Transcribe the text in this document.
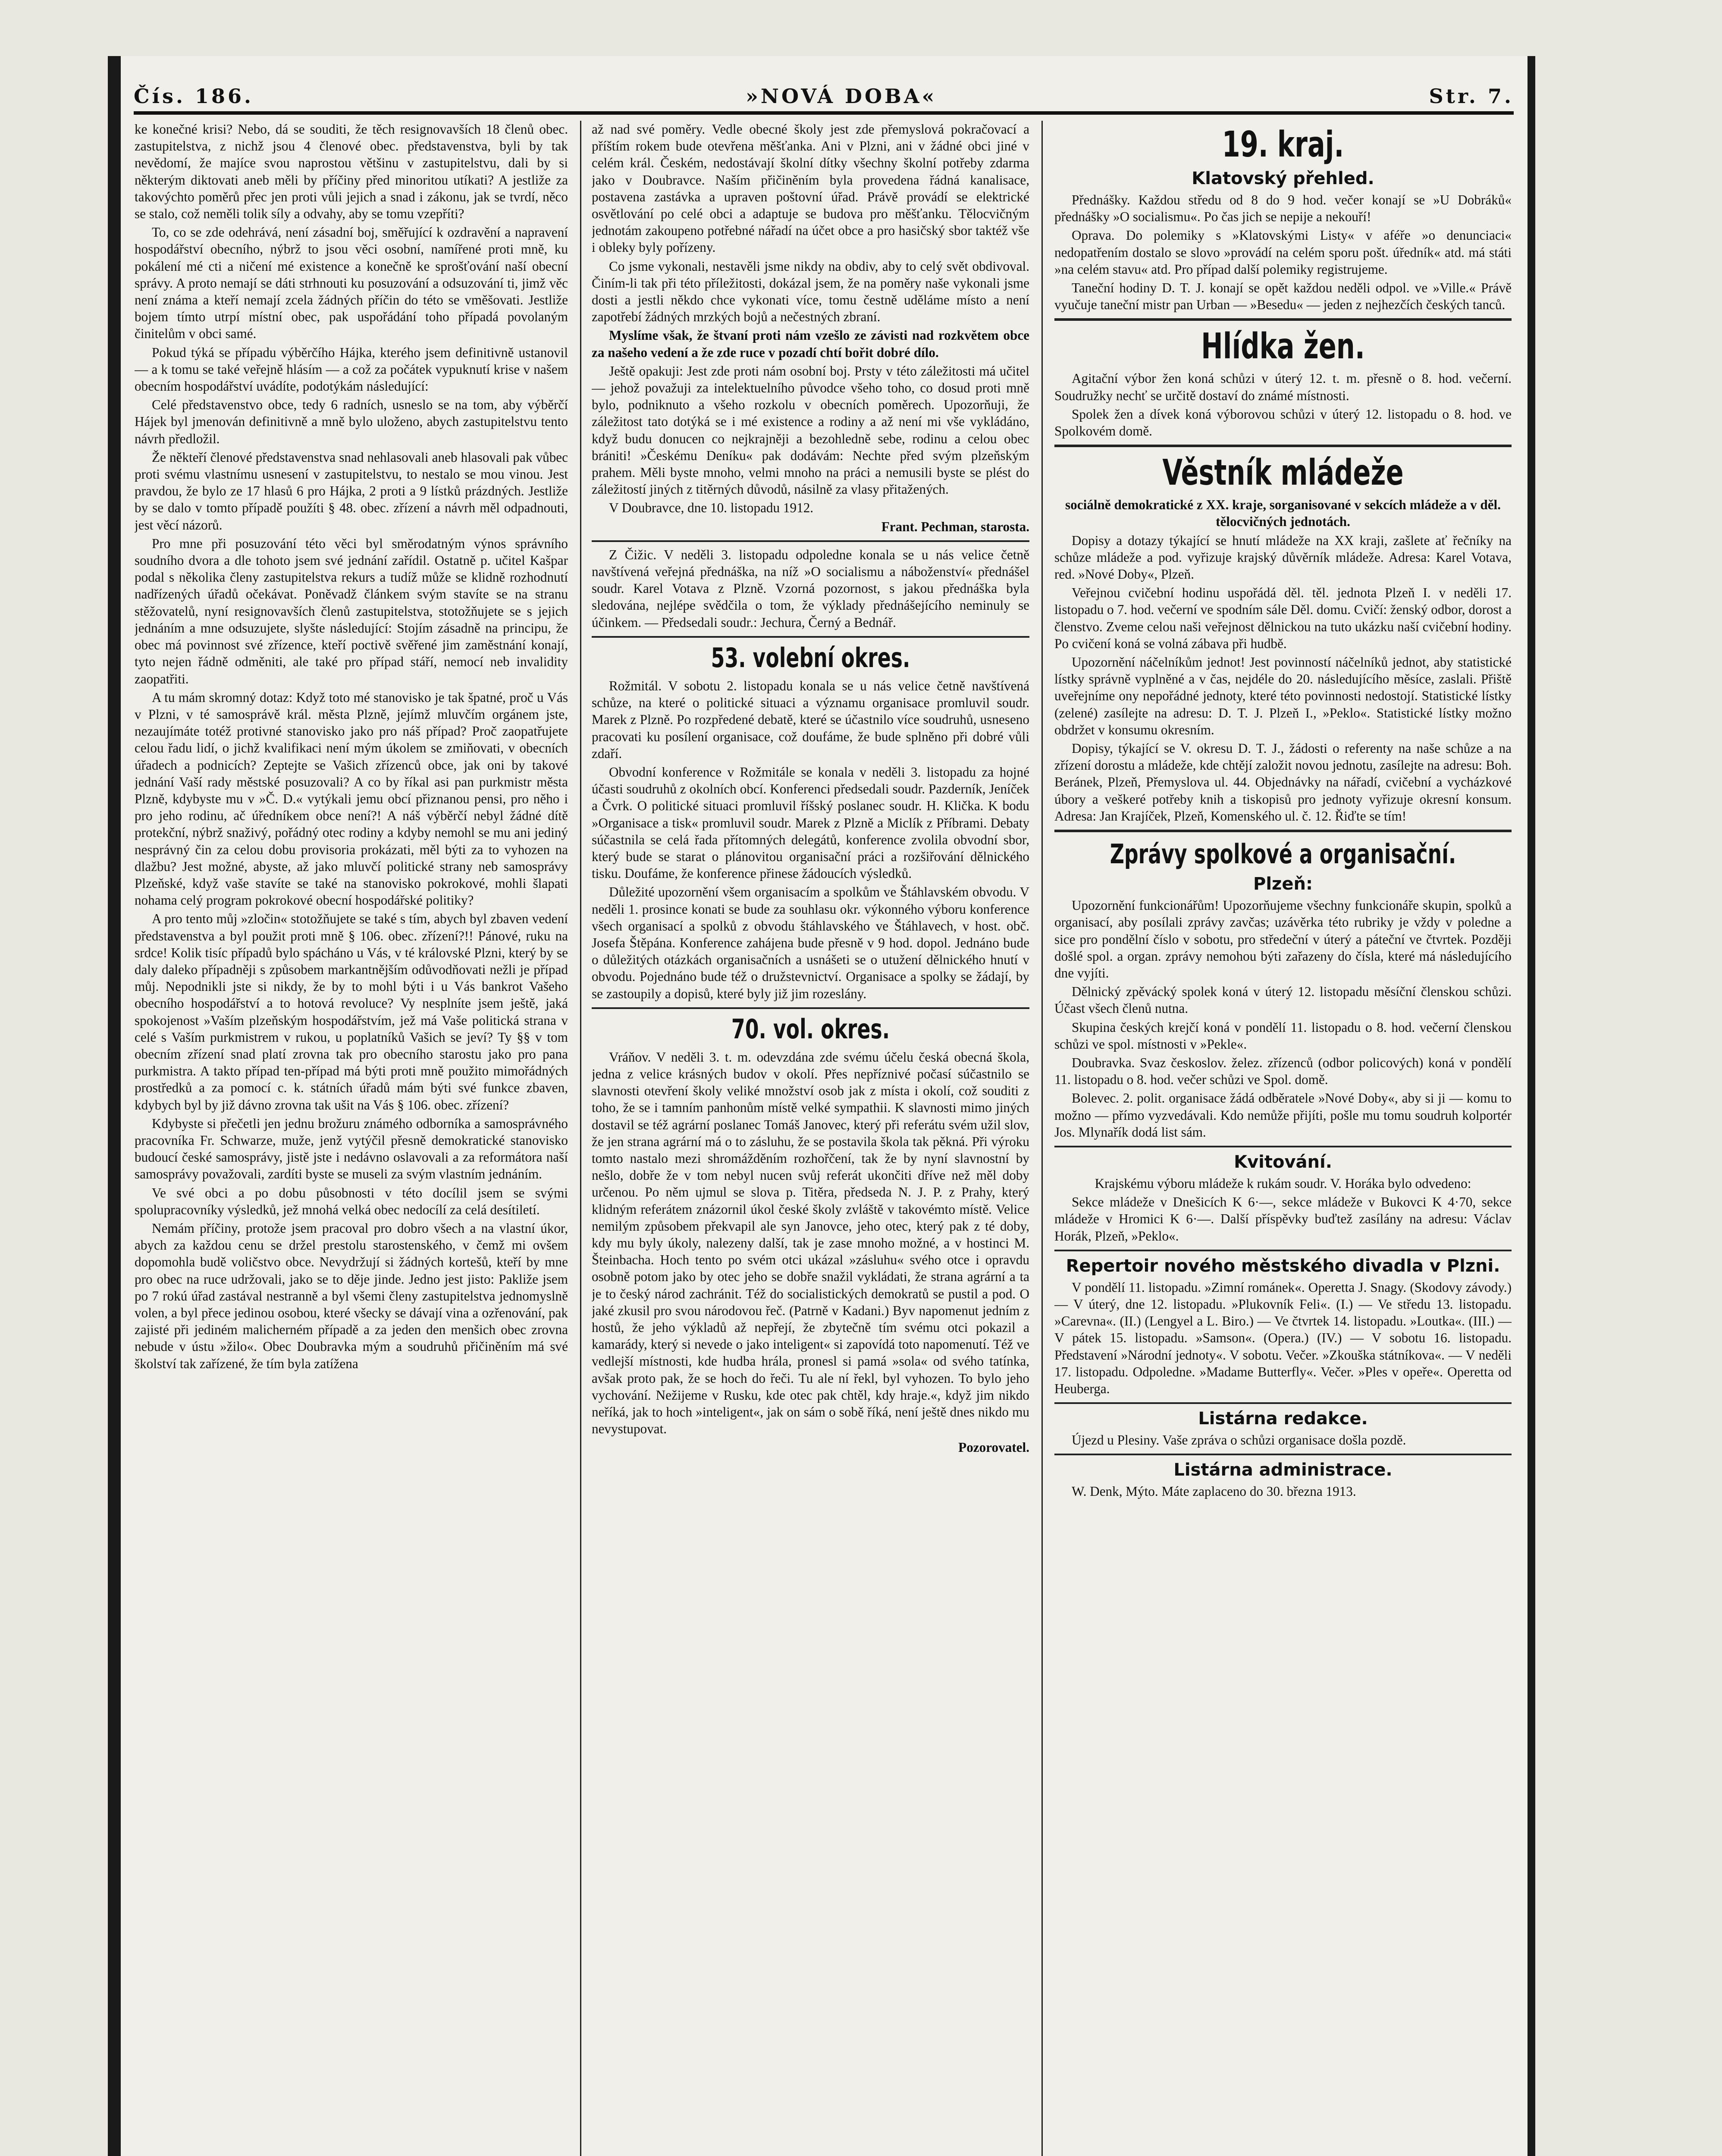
Čís. 186.	»NOVÁ DOBA«	Str. 7.

ke konečné krisi? Nebo, dá se souditi, že těch resignovavších 18 členů obec. zastupitelstva, z nichž jsou 4 členové obec. představenstva, byli by tak nevědomí, že majíce svou naprostou většinu v zastupitelstvu, dali by si některým diktovati aneb měli by příčiny před minoritou utíkati? A jestliže za takovýchto poměrů přec jen proti vůli jejich a snad i zákonu, jak se tvrdí, něco se stalo, což neměli tolik síly a odvahy, aby se tomu vzepříti?

To, co se zde odehrává, není zásadní boj, směřující k ozdravění a napravení hospodářství obecního, nýbrž to jsou věci osobní, namířené proti mně, ku pokálení mé cti a ničení mé existence a konečně ke sprošťování naší obecní správy. A proto nemají se dáti strhnouti ku posuzování a odsuzování ti, jimž věc není známa a kteří nemají zcela žádných příčin do této se vměšovati. Jestliže bojem tímto utrpí místní obec, pak uspořádání toho případá povolaným činitelům v obci samé.

Pokud týká se případu výběrčího Hájka, kterého jsem definitivně ustanovil — a k tomu se také veřejně hlásím — a což za počátek vypuknutí krise v našem obecním hospodářství uvádíte, podotýkám následující:

Celé představenstvo obce, tedy 6 radních, usneslo se na tom, aby výběrčí Hájek byl jmenován definitivně a mně bylo uloženo, abych zastupitelstvu tento návrh předložil.

Že někteří členové představenstva snad nehlasovali aneb hlasovali pak vůbec proti svému vlastnímu usnesení v zastupitelstvu, to nestalo se mou vinou. Jest pravdou, že bylo ze 17 hlasů 6 pro Hájka, 2 proti a 9 lístků prázdných. Jestliže by se dalo v tomto případě použíti § 48. obec. zřízení a návrh měl odpadnouti, jest věcí názorů.

Pro mne při posuzování této věci byl směrodatným výnos správního soudního dvora a dle tohoto jsem své jednání zařídil. Ostatně p. učitel Kašpar podal s několika členy zastupitelstva rekurs a tudíž může se klidně rozhodnutí nadřízených úřadů očekávat. Poněvadž článkem svým stavíte se na stranu stěžovatelů, nyní resignovavších členů zastupitelstva, stotožňujete se s jejich jednáním a mne odsuzujete, slyšte následující: Stojím zásadně na principu, že obec má povinnost své zřízence, kteří poctivě svěřené jim zaměstnání konají, tyto nejen řádně odměniti, ale také pro případ stáří, nemocí neb invalidity zaopatřiti.

A tu mám skromný dotaz: Když toto mé stanovisko je tak špatné, proč u Vás v Plzni, v té samosprávě král. města Plzně, jejímž mluvčím orgánem jste, nezaujímáte totéž protivné stanovisko jako pro náš případ? Proč zaopatřujete celou řadu lidí, o jichž kvalifikaci není mým úkolem se zmiňovati, v obecních úřadech a podnicích? Zeptejte se Vašich zřízenců obce, jak oni by takové jednání Vaší rady městské posuzovali? A co by říkal asi pan purkmistr města Plzně, kdybyste mu v »Č. D.« vytýkali jemu obcí přiznanou pensi, pro něho i pro jeho rodinu, ač úředníkem obce není?! A náš výběrčí nebyl žádné dítě protekční, nýbrž snaživý, pořádný otec rodiny a kdyby nemohl se mu ani jediný nesprávný čin za celou dobu provisoria prokázati, měl býti za to vyhozen na dlažbu? Jest možné, abyste, až jako mluvčí politické strany neb samosprávy Plzeňské, když vaše stavíte se také na stanovisko pokrokové, mohli šlapati nohama celý program pokrokové obecní hospodářské politiky?

A pro tento můj »zločin« stotožňujete se také s tím, abych byl zbaven vedení představenstva a byl použit proti mně § 106. obec. zřízení?!! Pánové, ruku na srdce! Kolik tisíc případů bylo spácháno u Vás, v té královské Plzni, který by se daly daleko případněji s způsobem markantnějším odůvodňovati nežli je případ můj. Nepodnikli jste si nikdy, že by to mohl býti i u Vás bankrot Vašeho obecního hospodářství a to hotová revoluce? Vy nesplníte jsem ještě, jaká spokojenost »Vaším plzeňským hospodářstvím, jež má Vaše politická strana v celé s Vaším purkmistrem v rukou, u poplatníků Vašich se jeví? Ty §§ v tom obecním zřízení snad platí zrovna tak pro obecního starostu jako pro pana purkmistra. A takto případ ten-případ má býti proti mně použito mimořádných prostředků a za pomocí c. k. státních úřadů mám býti své funkce zbaven, kdybych byl by již dávno zrovna tak ušit na Vás § 106. obec. zřízení?

Kdybyste si přečetli jen jednu brožuru známého odborníka a samosprávného pracovníka Fr. Schwarze, muže, jenž vytýčil přesně demokratické stanovisko budoucí české samosprávy, jistě jste i nedávno oslavovali a za reformátora naší samosprávy považovali, zardíti byste se museli za svým vlastním jednáním.

Ve své obci a po dobu působnosti v této docílil jsem se svými spolupracovníky výsledků, jež mnohá velká obec nedocílí za celá desítiletí.

Nemám příčiny, protože jsem pracoval pro dobro všech a na vlastní úkor, abych za každou cenu se držel prestolu starostenského, v čemž mi ovšem dopomohla budě voličstvo obce. Nevydržují si žádných kortešů, kteří by mne pro obec na ruce udržovali, jako se to děje jinde. Jedno jest jisto: Pakliže jsem po 7 rokú úřad zastával nestranně a byl všemi členy zastupitelstva jednomyslně volen, a byl přece jedinou osobou, které všecky se dávají vina a ozřenování, pak zajisté při jediném malicherném případě a za jeden den menšich obec zrovna nebude v ústu »žilo«. Obec Doubravka mým a soudruhů přičiněním má své školství tak zařízené, že tím byla zatížena

až nad své poměry. Vedle obecné školy jest zde přemyslová pokračovací a příštím rokem bude otevřena měšťanka. Ani v Plzni, ani v žádné obci jiné v celém král. Českém, nedostávají školní dítky všechny školní potřeby zdarma jako v Doubravce. Naším přičiněním byla provedena řádná kanalisace, postavena zastávka a upraven poštovní úřad. Právě provádí se elektrické osvětlování po celé obci a adaptuje se budova pro měšťanku. Tělocvičným jednotám zakoupeno potřebné nářadí na účet obce a pro hasičský sbor taktéž vše i obleky byly pořízeny.

Co jsme vykonali, nestavěli jsme nikdy na obdiv, aby to celý svět obdivoval. Činím-li tak při této příležitosti, dokázal jsem, že na poměry naše vykonali jsme dosti a jestli někdo chce vykonati více, tomu čestně uděláme místo a není zapotřebí žádných mrzkých bojů a nečestných zbraní.

Myslíme však, že štvaní proti nám vzešlo ze závisti nad rozkvětem obce za našeho vedení a že zde ruce v pozadí chtí bořit dobré dílo.

Ještě opakuji: Jest zde proti nám osobní boj. Prsty v této záležitosti má učitel — jehož považuji za intelektuelního původce všeho toho, co dosud proti mně bylo, podniknuto a všeho rozkolu v obecních poměrech. Upozorňuji, že záležitost tato dotýká se i mé existence a rodiny a až není mi vše vykládáno, když budu donucen co nejkrajněji a bezohledně sebe, rodinu a celou obec brániti! »Českému Deníku« pak dodávám: Nechte před svým plzeňským prahem. Měli byste mnoho, velmi mnoho na práci a nemusili byste se plést do záležitostí jiných z titěrných důvodů, násilně za vlasy přitažených.

V Doubravce, dne 10. listopadu 1912.

Frant. Pechman, starosta.

Z Čižic. V neděli 3. listopadu odpoledne konala se u nás velice četně navštívená veřejná přednáška, na níž »O socialismu a náboženství« přednášel soudr. Karel Votava z Plzně. Vzorná pozornost, s jakou přednáška byla sledována, nejlépe svědčila o tom, že výklady přednášejícího neminuly se účinkem. — Předsedali soudr.: Jechura, Černý a Bednář.

53. volební okres.

Rožmitál. V sobotu 2. listopadu konala se u nás velice četně navštívená schůze, na které o politické situaci a významu organisace promluvil soudr. Marek z Plzně. Po rozpředené debatě, které se účastnilo více soudruhů, usneseno pracovati ku posílení organisace, což doufáme, že bude splněno při dobré vůli zdaří.

Obvodní konference v Rožmitále se konala v neděli 3. listopadu za hojné účasti soudruhů z okolních obcí. Konferenci předsedali soudr. Pazderník, Jeníček a Čvrk. O politické situaci promluvil říšský poslanec soudr. H. Klička. K bodu »Organisace a tisk« promluvil soudr. Marek z Plzně a Miclík z Příbrami. Debaty súčastnila se celá řada přítomných delegátů, konference zvolila obvodní sbor, který bude se starat o plánovitou organisační práci a rozšiřování dělnického tisku. Doufáme, že konference přinese žádoucích výsledků.

Důležité upozornění všem organisacím a spolkům ve Štáhlavském obvodu. V neděli 1. prosince konati se bude za souhlasu okr. výkonného výboru konference všech organisací a spolků z obvodu štáhlavského ve Štáhlavech, v host. obč. Josefa Štěpána. Konference zahájena bude přesně v 9 hod. dopol. Jednáno bude o důležitých otázkách organisačních a usnášeti se o utužení dělnického hnutí v obvodu. Pojednáno bude též o družstevnictví. Organisace a spolky se žádají, by se zastoupily a dopisů, které byly již jim rozeslány.

70. vol. okres.

Vráňov. V neděli 3. t. m. odevzdána zde svému účelu česká obecná škola, jedna z velice krásných budov v okolí. Přes nepříznivé počasí súčastnilo se slavnosti otevření školy veliké množství osob jak z místa i okolí, což souditi z toho, že se i tamním panhonům místě velké sympathii. K slavnosti mimo jiných dostavil se též agrární poslanec Tomáš Janovec, který při referátu svém užil slov, že jen strana agrární má o to zásluhu, že se postavila škola tak pěkná. Při výroku tomto nastalo mezi shromážděním rozhořčení, tak že by nyní slavnostní by nešlo, dobře že v tom nebyl nucen svůj referát ukončiti dříve než měl doby určenou. Po něm ujmul se slova p. Titěra, předseda N. J. P. z Prahy, který klidným referátem znázornil úkol české školy zvláště v takovémto místě. Velice nemilým způsobem překvapil ale syn Janovce, jeho otec, který pak z té doby, kdy mu byly úkoly, nalezeny další, tak je zase mnoho možné, a v hostinci M. Šteinbacha. Hoch tento po svém otci ukázal »zásluhu« svého otce i opravdu osobně potom jako by otec jeho se dobře snažil vykládati, že strana agrární a ta je to český národ zachránit. Též do socialistických demokratů se pustil a pod. O jaké zkusil pro svou národovou řeč. (Patrně v Kadani.) Byv napomenut jedním z hostů, že jeho výkladů až nepřejí, že zbytečně tím svému otci pokazil a kamarády, který si nevede o jako inteligent« si zapovídá toto napomenutí. Též ve vedlejší místnosti, kde hudba hrála, pronesl si pamá »sola« od svého tatínka, avšak proto pak, že se hoch do řeči. Tu ale ní řekl, byl vyhozen. To bylo jeho vychování. Nežijeme v Rusku, kde otec pak chtěl, kdy hraje.«, když jim nikdo neříká, jak to hoch »inteligent«, jak on sám o sobě říká, není ještě dnes nikdo mu nevystupovat.

Pozorovatel.

19. kraj.
Klatovský přehled.

Přednášky. Každou středu od 8 do 9 hod. večer konají se »U Dobráků« přednášky »O socialismu«. Po čas jich se nepije a nekouří!

Oprava. Do polemiky s »Klatovskými Listy« v aféře »o denunciaci« nedopatřením dostalo se slovo »provádí na celém sporu pošt. úředník« atd. má státi »na celém stavu« atd. Pro případ další polemiky registrujeme.

Taneční hodiny D. T. J. konají se opět každou neděli odpol. ve »Ville.« Právě vyučuje taneční mistr pan Urban — »Besedu« — jeden z nejhezčích českých tanců.

Hlídka žen.

Agitační výbor žen koná schůzi v úterý 12. t. m. přesně o 8. hod. večerní. Soudružky nechť se určitě dostaví do známé místnosti.

Spolek žen a dívek koná výborovou schůzi v úterý 12. listopadu o 8. hod. ve Spolkovém domě.

Věstník mládeže

sociálně demokratické z XX. kraje, sorganisované v sekcích mládeže a v děl. tělocvičných jednotách.

Dopisy a dotazy týkající se hnutí mládeže na XX kraji, zašlete ať řečníky na schůze mládeže a pod. vyřizuje krajský důvěrník mládeže. Adresa: Karel Votava, red. »Nové Doby«, Plzeň.

Veřejnou cvičební hodinu uspořádá děl. těl. jednota Plzeň I. v neděli 17. listopadu o 7. hod. večerní ve spodním sále Děl. domu. Cvičí: ženský odbor, dorost a členstvo. Zveme celou naši veřejnost dělnickou na tuto ukázku naší cvičební hodiny. Po cvičení koná se volná zábava při hudbě.

Upozornění náčelníkům jednot! Jest povinností náčelníků jednot, aby statistické lístky správně vyplněné a v čas, nejdéle do 20. následujícího měsíce, zaslali. Přiště uveřejníme ony nepořádné jednoty, které této povinnosti nedostojí. Statistické lístky (zelené) zasílejte na adresu: D. T. J. Plzeň I., »Peklo«. Statistické lístky možno obdržet v konsumu okresním.

Dopisy, týkající se V. okresu D. T. J., žádosti o referenty na naše schůze a na zřízení dorostu a mládeže, kde chtějí založit novou jednotu, zasílejte na adresu: Boh. Beránek, Plzeň, Přemyslova ul. 44. Objednávky na nářadí, cvičební a vycházkové úbory a veškeré potřeby knih a tiskopisů pro jednoty vyřizuje okresní konsum. Adresa: Jan Krajíček, Plzeň, Komenského ul. č. 12. Řiďte se tím!

Zprávy spolkové a organisační.
Plzeň:

Upozornění funkcionářům! Upozorňujeme všechny funkcionáře skupin, spolků a organisací, aby posílali zprávy zavčas; uzávěrka této rubriky je vždy v poledne a sice pro pondělní číslo v sobotu, pro středeční v úterý a páteční ve čtvrtek. Později došlé spol. a organ. zprávy nemohou býti zařazeny do čísla, které má následujícího dne vyjíti.

Dělnický zpěvácký spolek koná v úterý 12. listopadu měsíční členskou schůzi. Účast všech členů nutna.

Skupina českých krejčí koná v pondělí 11. listopadu o 8. hod. večerní členskou schůzi ve spol. místnosti v »Pekle«.

Doubravka. Svaz českoslov. želez. zřízenců (odbor policových) koná v pondělí 11. listopadu o 8. hod. večer schůzi ve Spol. domě.

Bolevec. 2. polit. organisace žádá odběratele »Nové Doby«, aby si ji — komu to možno — přímo vyzvedávali. Kdo nemůže přijíti, pošle mu tomu soudruh kolportér Jos. Mlynařík dodá list sám.

Kvitování.

Krajskému výboru mládeže k rukám soudr. V. Horáka bylo odvedeno:

Sekce mládeže v Dnešicích K 6·—, sekce mládeže v Bukovci K 4·70, sekce mládeže v Hromici K 6·—. Další příspěvky buďtež zasílány na adresu: Václav Horák, Plzeň, »Peklo«.

Repertoir nového městského divadla v Plzni.

V pondělí 11. listopadu. »Zimní románek«. Operetta J. Snagy. (Skodovy závody.) — V úterý, dne 12. listopadu. »Plukovník Feli«. (I.) — Ve středu 13. listopadu. »Carevna«. (II.) (Lengyel a L. Biro.) — Ve čtvrtek 14. listopadu. »Loutka«. (III.) — V pátek 15. listopadu. »Samson«. (Opera.) (IV.) — V sobotu 16. listopadu. Představení »Národní jednoty«. V sobotu. Večer. »Zkouška státníkova«. — V neděli 17. listopadu. Odpoledne. »Madame Butterfly«. Večer. »Ples v opeře«. Operetta od Heuberga.

Listárna redakce.

Újezd u Plesiny. Vaše zpráva o schůzi organisace došla pozdě.

Listárna administrace.

W. Denk, Mýto. Máte zaplaceno do 30. března 1913.
